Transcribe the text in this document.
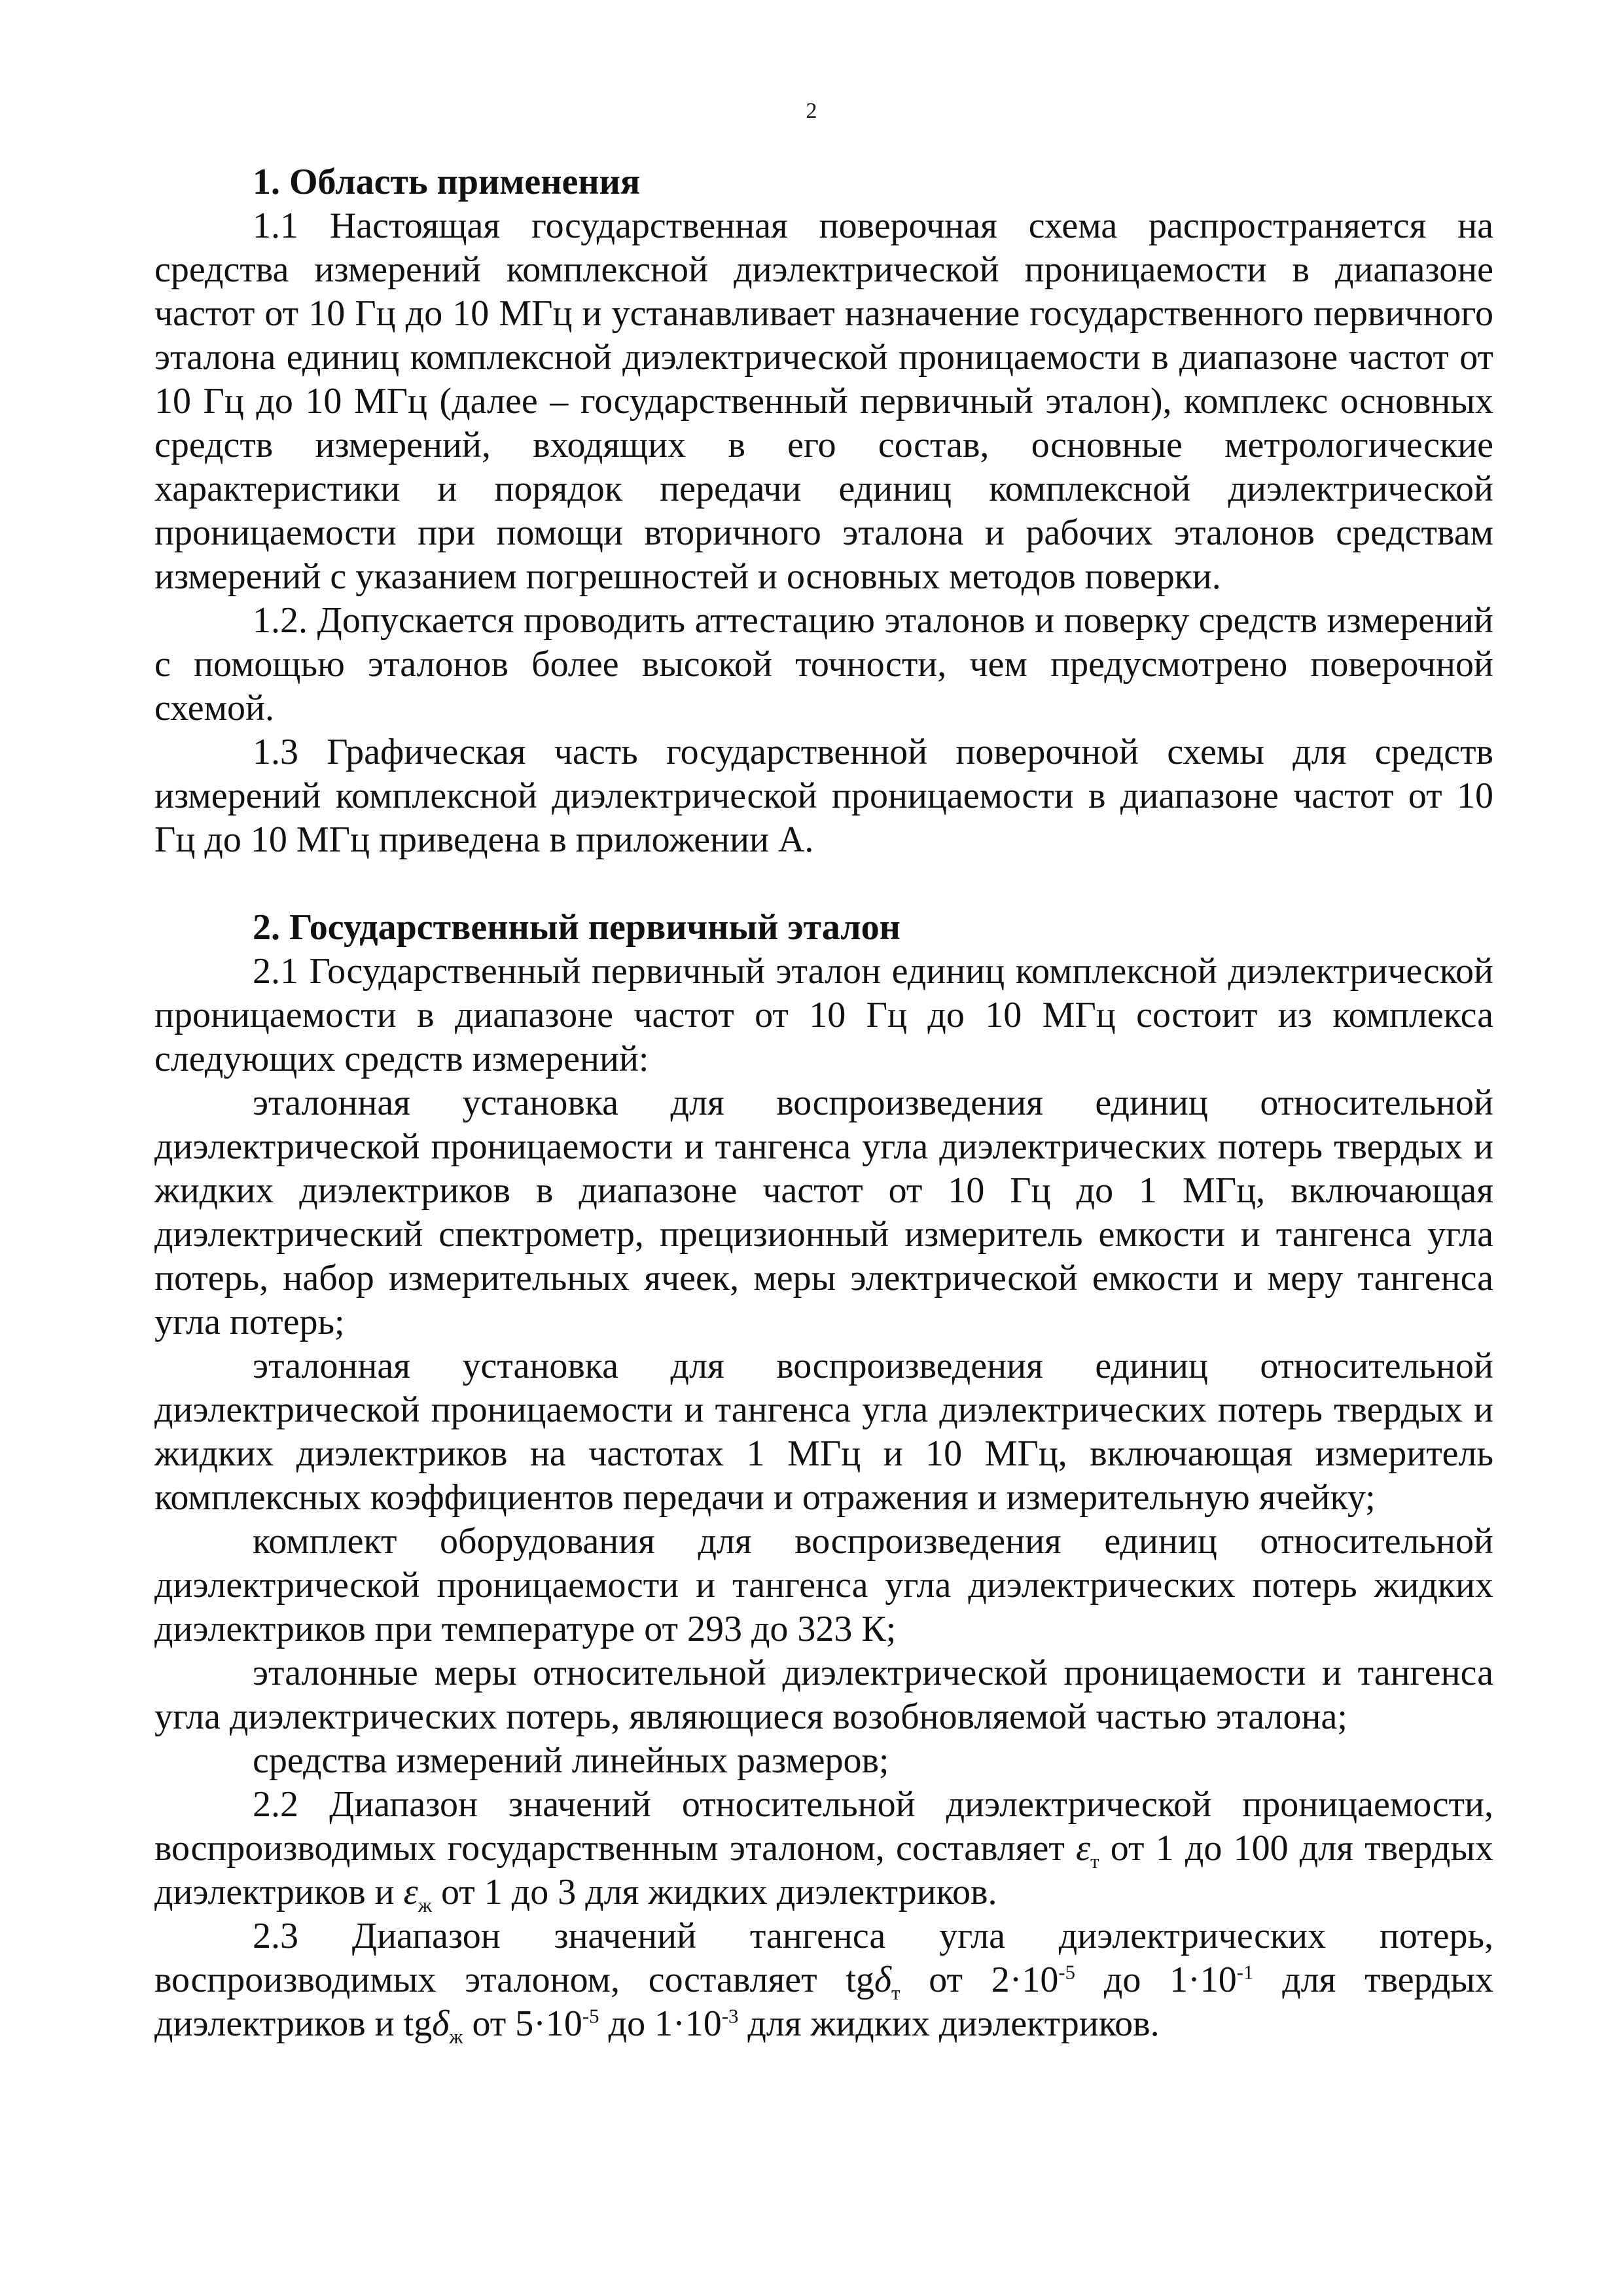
2

1. Область применения

1.1 Настоящая государственная поверочная схема распространяется на средства измерений комплексной диэлектрической проницаемости в диапазоне частот от 10 Гц до 10 МГц и устанавливает назначение государственного первичного эталона единиц комплексной диэлектрической проницаемости в диапазоне частот от 10 Гц до 10 МГц (далее – государственный первичный эталон), комплекс основных средств измерений, входящих в его состав, основные метрологические характеристики и порядок передачи единиц комплексной диэлектрической проницаемости при помощи вторичного эталона и рабочих эталонов средствам измерений с указанием погрешностей и основных методов поверки.

1.2. Допускается проводить аттестацию эталонов и поверку средств измерений с помощью эталонов более высокой точности, чем предусмотрено поверочной схемой.

1.3 Графическая часть государственной поверочной схемы для средств измерений комплексной диэлектрической проницаемости в диапазоне частот от 10 Гц до 10 МГц приведена в приложении А.

2. Государственный первичный эталон

2.1 Государственный первичный эталон единиц комплексной диэлектрической проницаемости в диапазоне частот от 10 Гц до 10 МГц состоит из комплекса следующих средств измерений:

эталонная установка для воспроизведения единиц относительной диэлектрической проницаемости и тангенса угла диэлектрических потерь твердых и жидких диэлектриков в диапазоне частот от 10 Гц до 1 МГц, включающая диэлектрический спектрометр, прецизионный измеритель емкости и тангенса угла потерь, набор измерительных ячеек, меры электрической емкости и меру тангенса угла потерь;

эталонная установка для воспроизведения единиц относительной диэлектрической проницаемости и тангенса угла диэлектрических потерь твердых и жидких диэлектриков на частотах 1 МГц и 10 МГц, включающая измеритель комплексных коэффициентов передачи и отражения и измерительную ячейку;

комплект оборудования для воспроизведения единиц относительной диэлектрической проницаемости и тангенса угла диэлектрических потерь жидких диэлектриков при температуре от 293 до 323 К;

эталонные меры относительной диэлектрической проницаемости и тангенса угла диэлектрических потерь, являющиеся возобновляемой частью эталона;

средства измерений линейных размеров;

2.2 Диапазон значений относительной диэлектрической проницаемости, воспроизводимых государственным эталоном, составляет $\varepsilon_т$ от 1 до 100 для твердых диэлектриков и $\varepsilon_ж$ от 1 до 3 для жидких диэлектриков.

2.3 Диапазон значений тангенса угла диэлектрических потерь, воспроизводимых эталоном, составляет tgδ$_т$ от $2\cdot 10^{-5}$ до $1\cdot 10^{-1}$ для твердых диэлектриков и tgδ$_ж$ от $5\cdot 10^{-5}$ до $1\cdot 10^{-3}$ для жидких диэлектриков.
